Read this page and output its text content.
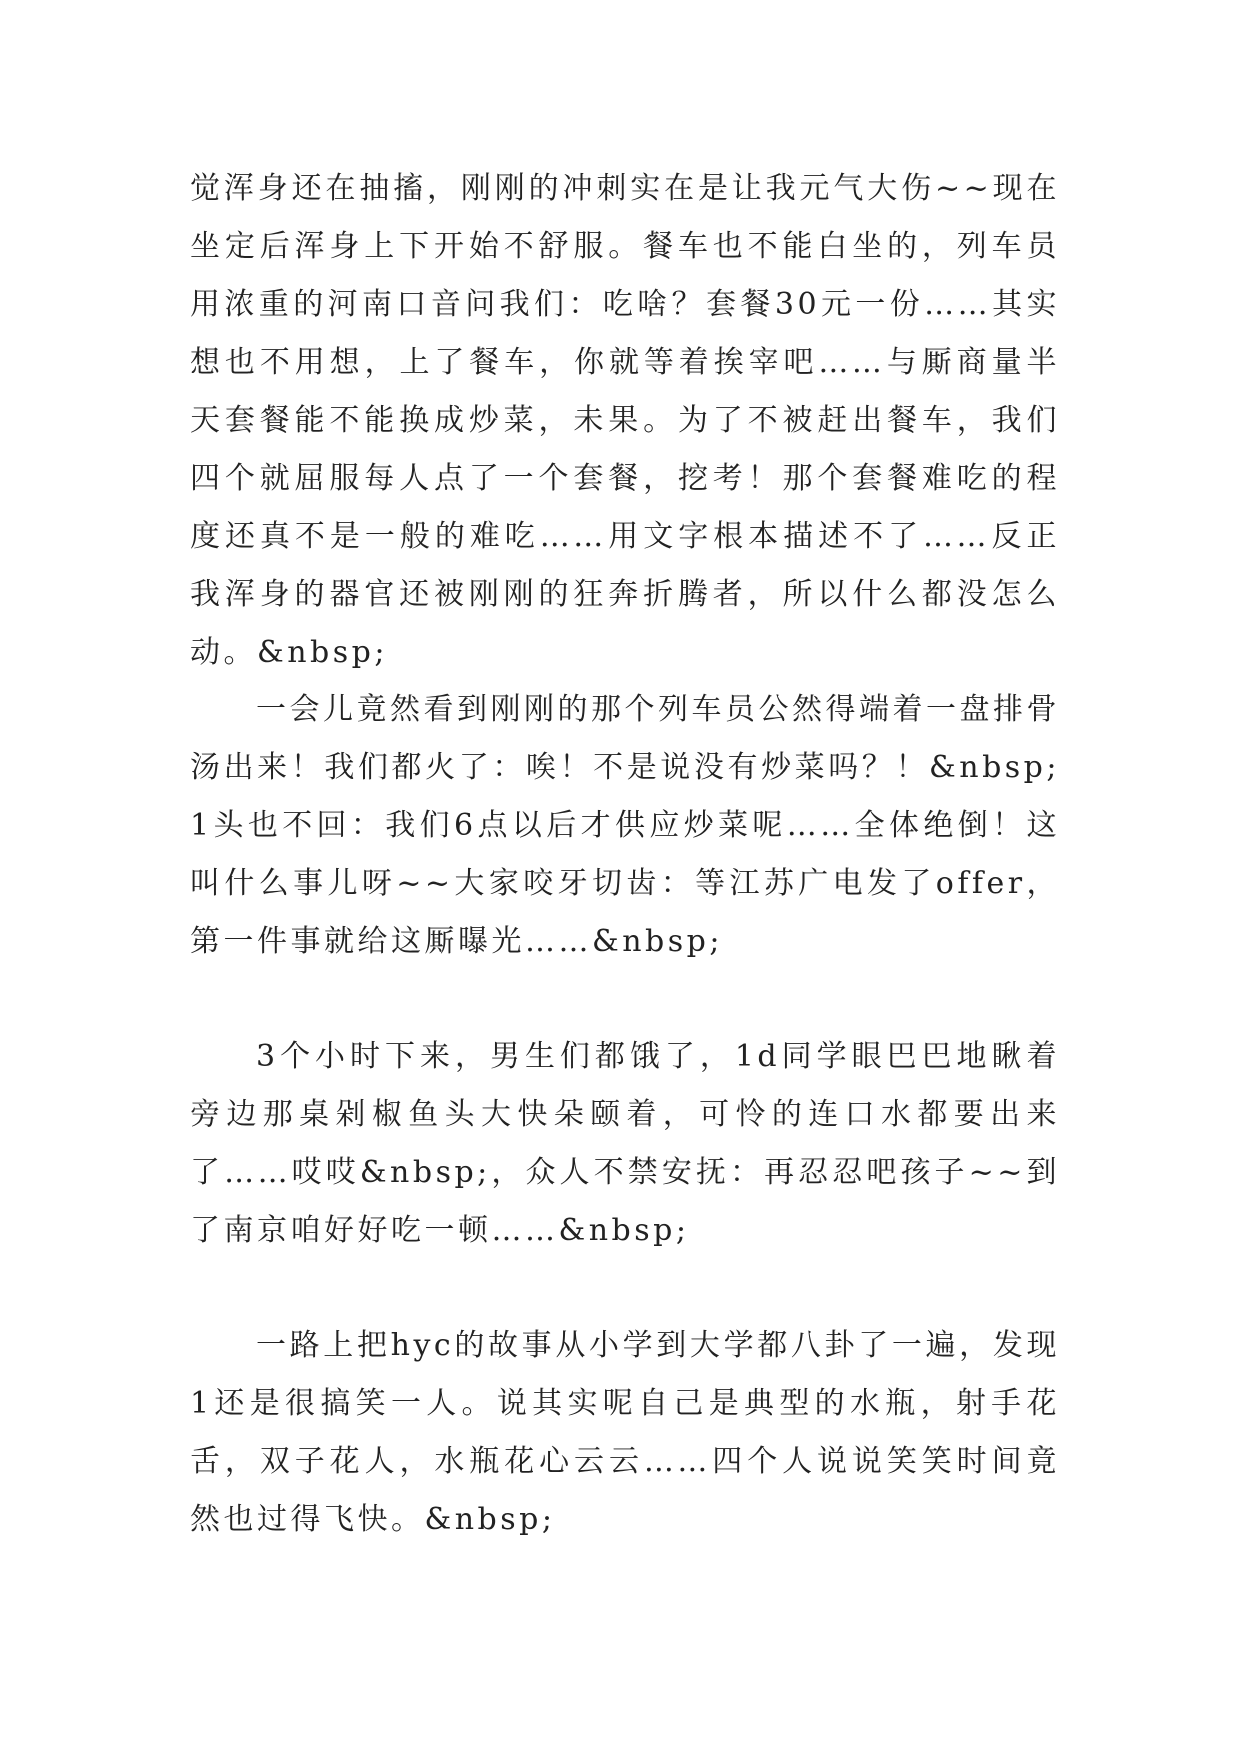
觉浑身还在抽搐，刚刚的冲刺实在是让我元气大伤~~现在坐定后浑身上下开始不舒服。餐车也不能白坐的，列车员用浓重的河南口音问我们：吃啥？套餐30元一份……其实想也不用想，上了餐车，你就等着挨宰吧……与厮商量半天套餐能不能换成炒菜，未果。为了不被赶出餐车，我们四个就屈服每人点了一个套餐，挖考！那个套餐难吃的程度还真不是一般的难吃……用文字根本描述不了……反正我浑身的器官还被刚刚的狂奔折腾者，所以什么都没怎么动。&nbsp;

一会儿竟然看到刚刚的那个列车员公然得端着一盘排骨汤出来！我们都火了：唉！不是说没有炒菜吗？！&nbsp;1头也不回：我们6点以后才供应炒菜呢……全体绝倒！这叫什么事儿呀~~大家咬牙切齿：等江苏广电发了offer，第一件事就给这厮曝光……&nbsp;

3个小时下来，男生们都饿了，1d同学眼巴巴地瞅着旁边那桌剁椒鱼头大快朵颐着，可怜的连口水都要出来了……哎哎&nbsp;，众人不禁安抚：再忍忍吧孩子~~到了南京咱好好吃一顿……&nbsp;

一路上把hyc的故事从小学到大学都八卦了一遍，发现1还是很搞笑一人。说其实呢自己是典型的水瓶，射手花舌，双子花人，水瓶花心云云……四个人说说笑笑时间竟然也过得飞快。&nbsp;
